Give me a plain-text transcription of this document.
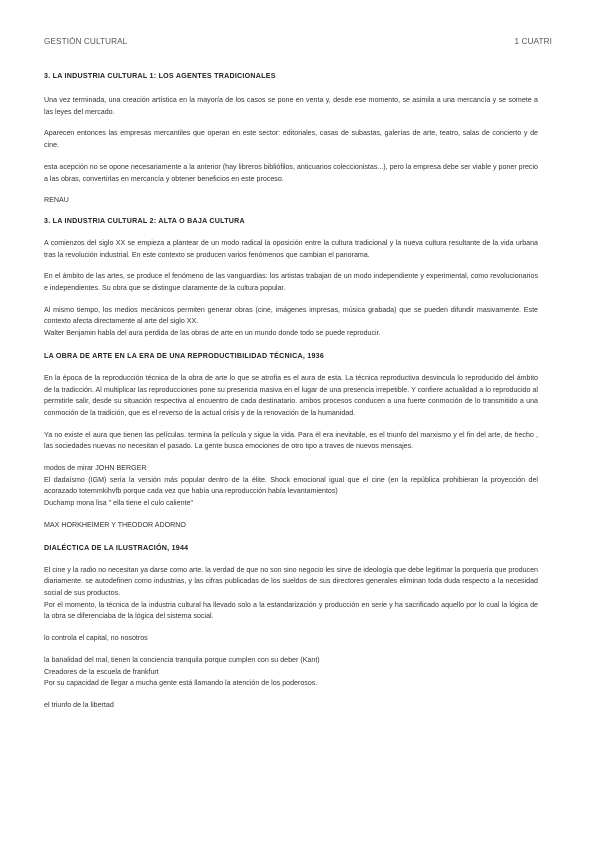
GESTIÓN CULTURAL	1 CUATRI
3. LA INDUSTRIA CULTURAL 1: LOS AGENTES TRADICIONALES
Una vez terminada, una creación artística en la mayoría de los casos se pone en venta y, desde ese momento, se asimila a una mercancía y se somete a las leyes del mercado.
Aparecen entonces las empresas mercantiles que operan en este sector: editoriales, casas de subastas, galerías de arte, teatro, salas de concierto y de cine.
esta acepción no se opone necesariamente a la anterior (hay libreros bibliófilos, anticuarios coleccionistas...), pero la empresa debe ser viable y poner precio a las obras, convertirlas en mercancía y obtener beneficios en este proceso.
RENAU
3. LA INDUSTRIA CULTURAL 2: ALTA O BAJA CULTURA
A comienzos del siglo XX se empieza a plantear de un modo radical la oposición entre la cultura tradicional y la nueva cultura resultante de la vida urbana tras la revolución industrial. En este contexto se producen varios fenómenos que cambian el panorama.
En el ámbito de las artes, se produce el fenómeno de las vanguardias: los artistas trabajan de un modo independiente y experimental, como revolucionarios e independientes. Su obra que se distingue claramente de la cultura popular.
Al mismo tiempo, los medios mecánicos permiten generar obras (cine, imágenes impresas, música grabada) que se pueden difundir masivamente. Este contexto afecta directamente al arte del siglo XX.
Walter Benjamin habla del aura perdida de las obras de arte en un mundo donde todo se puede reproducir.
LA OBRA DE ARTE EN LA ERA DE UNA REPRODUCTIBILIDAD TÉCNICA, 1936
En la época de la reproducción técnica de la obra de arte lo que se atrofia es el aura de esta. La técnica reproductiva desvincula lo reproducido del ámbito de la tradicción. Al multiplicar las reproducciones pone su presencia masiva en el lugar de una presencia irrepetible. Y confiere actualidad a lo reproducido al permitirle salir, desde su situación respectiva al encuentro de cada destinatario. ambos procesos conducen a una fuerte conmoción de lo transmitido a una conmoción de la tradición, que es el reverso de la actual crisis y de la renovación de la humanidad.
Ya no existe el aura que tienen las películas. termina la película y sigue la vida. Para él era inevitable, es el triunfo del marxismo y el fin del arte, de hecho , las sociedades nuevas no necesitan el pasado. La gente busca emociones de otro tipo a traves de nuevos mensajes.
modos de mirar JOHN BERGER
El dadaísmo (IGM) sería la versión más popular dentro de la élite. Shock emocional igual que el cine (en la república prohibieran la proyección del acorazado totemmkihvfb porque cada vez que había una reproducción había levantamientos)
Duchamp mona lisa " ella tiene el culo caliente"
MAX HORKHEIMER Y THEODOR ADORNO
DIALÉCTICA DE LA ILUSTRACIÓN, 1944
El cine y la radio no necesitan ya darse como arte. la verdad de que no son sino negocio les sirve de ideología que debe legitimar la porquería que producen diariamente. se autodefinen como industrias, y las cifras publicadas de los sueldos de sus directores generales eliminan toda duda respecto a la necesidad social de sus productos.
Por el momento, la técnica de la industria cultural ha llevado solo a la estandarización y producción en serie y ha sacrificado aquello por lo cual la lógica de la obra se diferenciaba de la lógica del sistema social.
lo controla el capital, no nosotros
la banalidad del mal, tienen la conciencia tranquila porque cumplen con su deber (Kant)
Creadores de la escuela de frankfurt
Por su capacidad de llegar a mucha gente está llamando la atención de los poderosos.
el triunfo de la libertad
